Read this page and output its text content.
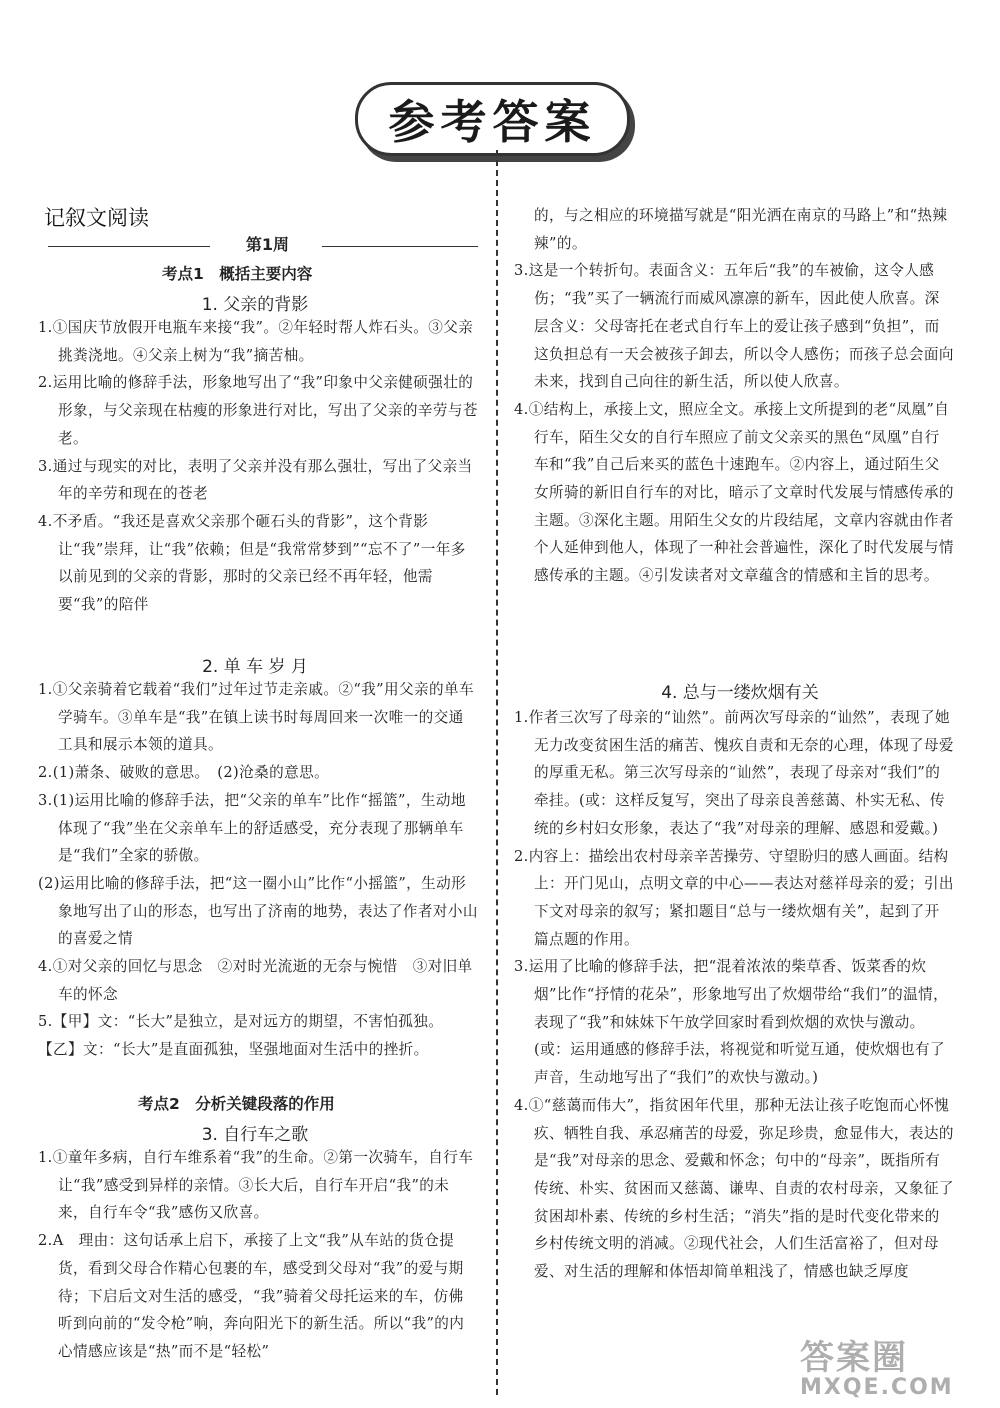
参考答案
记叙文阅读
第1周
考点1　概括主要内容
1. 父亲的背影

1.①国庆节放假开电瓶车来接“我”。②年轻时帮人炸石头。③父亲挑粪浇地。④父亲上树为“我”摘苦柚。

2.运用比喻的修辞手法，形象地写出了“我”印象中父亲健硕强壮的形象，与父亲现在枯瘦的形象进行对比，写出了父亲的辛劳与苍老。

3.通过与现实的对比，表明了父亲并没有那么强壮，写出了父亲当年的辛劳和现在的苍老

4.不矛盾。“我还是喜欢父亲那个砸石头的背影”，这个背影让“我”崇拜，让“我”依赖；但是“我常常梦到”“忘不了”一年多以前见到的父亲的背影，那时的父亲已经不再年轻，他需要“我”的陪伴

2. 单 车 岁 月

1.①父亲骑着它载着“我们”过年过节走亲戚。②“我”用父亲的单车学骑车。③单车是“我”在镇上读书时每周回来一次唯一的交通工具和展示本领的道具。

2.(1)萧条、破败的意思。　(2)沧桑的意思。

3.(1)运用比喻的修辞手法，把“父亲的单车”比作“摇篮”，生动地体现了“我”坐在父亲单车上的舒适感受，充分表现了那辆单车是“我们”全家的骄傲。

(2)运用比喻的修辞手法，把“这一圈小山”比作“小摇篮”，生动形象地写出了山的形态，也写出了济南的地势，表达了作者对小山的喜爱之情

4.①对父亲的回忆与思念　②对时光流逝的无奈与惋惜　③对旧单车的怀念

5.【甲】文：“长大”是独立，是对远方的期望，不害怕孤独。

【乙】文：“长大”是直面孤独，坚强地面对生活中的挫折。

考点2　分析关键段落的作用
3. 自行车之歌

1.①童年多病，自行车维系着“我”的生命。②第一次骑车，自行车让“我”感受到异样的亲情。③长大后，自行车开启“我”的未来，自行车令“我”感伤又欣喜。

2.A　理由：这句话承上启下，承接了上文“我”从车站的货仓提货，看到父母合作精心包裹的车，感受到父母对“我”的爱与期待；下启后文对生活的感受，“我”骑着父母托运来的车，仿佛听到向前的“发令枪”响，奔向阳光下的新生活。所以“我”的内心情感应该是“热”而不是“轻松”

的，与之相应的环境描写就是“阳光洒在南京的马路上”和“热辣辣”的。

3.这是一个转折句。表面含义：五年后“我”的车被偷，这令人感伤；“我”买了一辆流行而威风凛凛的新车，因此使人欣喜。深层含义：父母寄托在老式自行车上的爱让孩子感到“负担”，而这负担总有一天会被孩子卸去，所以令人感伤；而孩子总会面向未来，找到自己向往的新生活，所以使人欣喜。

4.①结构上，承接上文，照应全文。承接上文所提到的老“凤凰”自行车，陌生父女的自行车照应了前文父亲买的黑色“凤凰”自行车和“我”自己后来买的蓝色十速跑车。②内容上，通过陌生父女所骑的新旧自行车的对比，暗示了文章时代发展与情感传承的主题。③深化主题。用陌生父女的片段结尾，文章内容就由作者个人延伸到他人，体现了一种社会普遍性，深化了时代发展与情感传承的主题。④引发读者对文章蕴含的情感和主旨的思考。

4. 总与一缕炊烟有关

1.作者三次写了母亲的“讪然”。前两次写母亲的“讪然”，表现了她无力改变贫困生活的痛苦、愧疚自责和无奈的心理，体现了母爱的厚重无私。第三次写母亲的“讪然”，表现了母亲对“我们”的牵挂。(或：这样反复写，突出了母亲良善慈蔼、朴实无私、传统的乡村妇女形象，表达了“我”对母亲的理解、感恩和爱戴。)

2.内容上：描绘出农村母亲辛苦操劳、守望盼归的感人画面。结构上：开门见山，点明文章的中心——表达对慈祥母亲的爱；引出下文对母亲的叙写；紧扣题目“总与一缕炊烟有关”，起到了开篇点题的作用。

3.运用了比喻的修辞手法，把“混着浓浓的柴草香、饭菜香的炊烟”比作“抒情的花朵”，形象地写出了炊烟带给“我们”的温情，表现了“我”和妹妹下午放学回家时看到炊烟的欢快与激动。(或：运用通感的修辞手法，将视觉和听觉互通，使炊烟也有了声音，生动地写出了“我们”的欢快与激动。)

4.①“慈蔼而伟大”，指贫困年代里，那种无法让孩子吃饱而心怀愧疚、牺牲自我、承忍痛苦的母爱，弥足珍贵，愈显伟大，表达的是“我”对母亲的思念、爱戴和怀念；句中的“母亲”，既指所有传统、朴实、贫困而又慈蔼、谦卑、自责的农村母亲，又象征了贫困却朴素、传统的乡村生活；“消失”指的是时代变化带来的乡村传统文明的消减。②现代社会，人们生活富裕了，但对母爱、对生活的理解和体悟却简单粗浅了，情感也缺乏厚度

答案圈
MXQE.COM
